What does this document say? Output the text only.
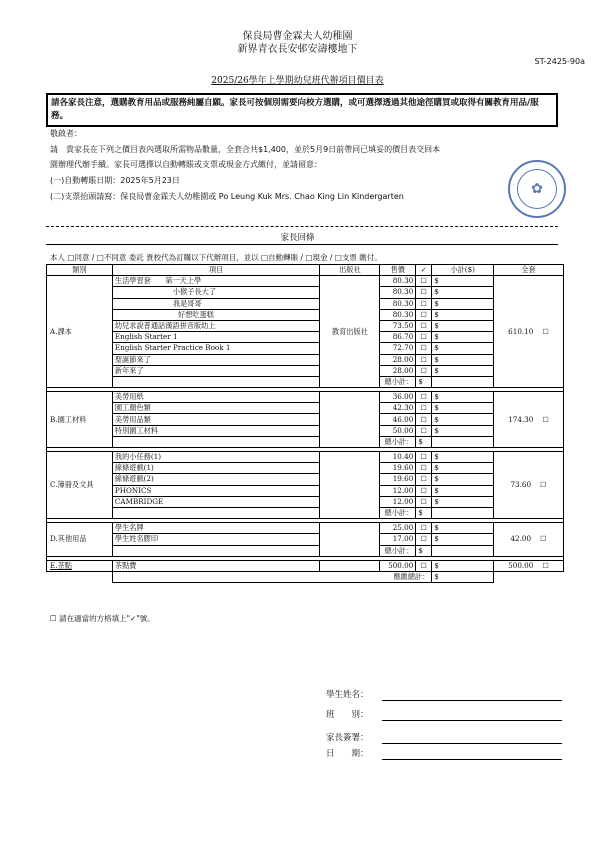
保良局曹金霖夫人幼稚園
新界青衣長安邨安濤樓地下
ST-2425-90a
2025/26學年上學期幼兒班代辦項目價目表
請各家長注意，選購教育用品或服務純屬自願。家長可按個別需要向校方選購，或可選擇透過其他途徑購買或取得有關教育用品/服務。
敬啟者：
請　貴家長在下列之價目表內選取所需物品數量，全套合共$1,400，並於5月9日前帶同已填妥的價目表交回本
園辦理代辦手續。家長可選擇以自動轉賬或支票或現金方式繳付，並請留意：
(一)自動轉賬日期：2025年5月23日
(二)支票抬頭請寫：保良局曹金霖夫人幼稚園或 Po Leung Kuk Mrs. Chao King Lin Kindergarten	✿
家長回條
本人 □同意 / □不同意 委託 貴校代為訂購以下代辦項目，並以 □自動轉賬 / □現金 / □支票 繳付。
類別	項目	出版社	售價	✓	小計($)	全套
A.課本	生活學習套　　第一天上學	教育出版社	80.30	☐	$	610.10 ☐
	小猴子長大了		80.30	☐	$	
	我是哥哥		80.30	☐	$	
	好想吃蛋糕		80.30	☐	$	
	幼兒求說普通話漢語拼音版幼上		73.50	☐	$	
	English Starter 1		86.70	☐	$	
	English Starter Practice Book 1		72.70	☐	$	
	聖誕節來了		28.00	☐	$	
	新年來了		28.00	☐	$	
	總小計：			$		

B.園工材料	美勞用紙		36.00	☐	$	174.30 ☐
	園工顏色類		42.30	☐	$	
	美勞用品類		46.00	☐	$	
	特別園工材料		50.00	☐	$	
	總小計：			$		

C.簿冊及文具	我的小任務(1)		10.40	☐	$	73.60 ☐
	線條遊戲(1)		19.60	☐	$	
	線條遊戲(2)		19.60	☐	$	
	PHONICS		12.00	☐	$	
	CAMBRIDGE		12.00	☐	$	
	總小計：			$		

D.其他用品	學生名牌		25.00	☐	$	42.00 ☐
	學生姓名膠印		17.00	☐	$	
	總小計：			$		

E.茶點	茶點費		500.00	☐	$	500.00 ☐
	應繳總計：				$	
☐ 請在適當的方格填上"✓"號。
學生姓名：
班　　別：
家長簽署：
日　　期：
